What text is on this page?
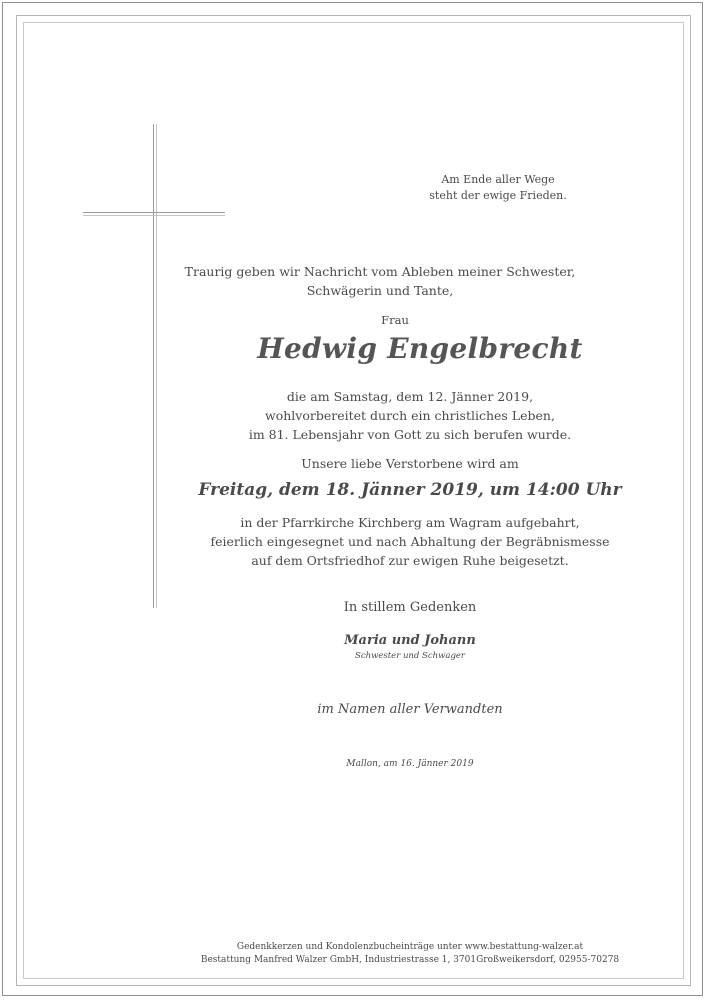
Am Ende aller Wege
steht der ewige Frieden.
Traurig geben wir Nachricht vom Ableben meiner Schwester,
Schwägerin und Tante,
Frau
Hedwig Engelbrecht
die am Samstag, dem 12. Jänner 2019,
wohlvorbereitet durch ein christliches Leben,
im 81. Lebensjahr von Gott zu sich berufen wurde.
Unsere liebe Verstorbene wird am
Freitag, dem 18. Jänner 2019, um 14:00 Uhr
in der Pfarrkirche Kirchberg am Wagram aufgebahrt,
feierlich eingesegnet und nach Abhaltung der Begräbnismesse
auf dem Ortsfriedhof zur ewigen Ruhe beigesetzt.
In stillem Gedenken
Maria und Johann
Schwester und Schwager
im Namen aller Verwandten
Mallon, am 16. Jänner 2019
Gedenkkerzen und Kondolenzbucheinträge unter www.bestattung-walzer.at
Bestattung Manfred Walzer GmbH, Industriestrasse 1, 3701Großweikersdorf, 02955-70278
